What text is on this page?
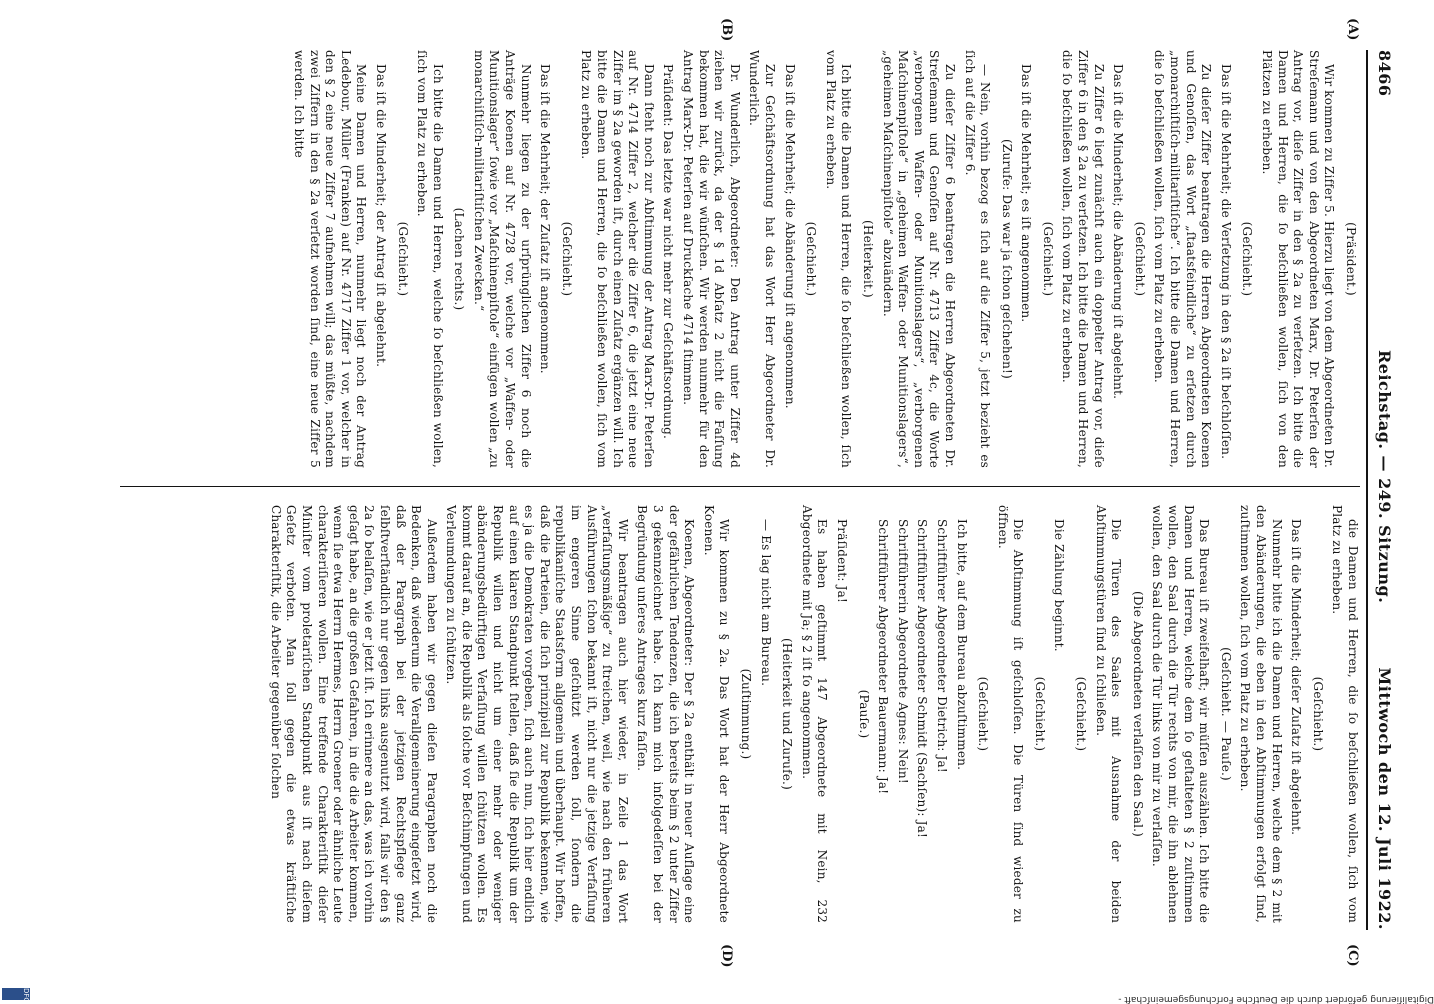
8466
Reichstag. — 249. Sitzung.
Mittwoch den 12. Juli 1922.
(A)
(B)
(C)
(D)

(Präsident.)

Wir kommen zu Ziffer 5. Hierzu liegt von dem Abgeordneten Dr. Streſemann und von den Abgeordneten Marx, Dr. Peterſen der Antrag vor, dieſe Ziffer in den § 2a zu verſetzen. Ich bitte die Damen und Herren, die ſo beſchließen wollen, ſich von den Plätzen zu erheben.

(Geſchieht.)

Das iſt die Mehrheit; die Verſetzung in den § 2a iſt beſchloſſen.

Zu dieſer Ziffer beantragen die Herren Abgeordneten Koenen und Genoſſen, das Wort „ſtaatsfeindliche“ zu erſetzen durch „monarchiſtiſch-militariſtiſche“. Ich bitte die Damen und Herren, die ſo beſchließen wollen, ſich vom Platz zu erheben.

(Geſchieht.)

Das iſt die Minderheit; die Abänderung iſt abgelehnt.

Zu Ziffer 6 liegt zunächſt auch ein doppelter Antrag vor, dieſe Ziffer 6 in den § 2a zu verſetzen. Ich bitte die Damen und Herren, die ſo beſchließen wollen, ſich vom Platz zu erheben.

(Geſchieht.)

Das iſt die Mehrheit; es iſt angenommen.

(Zurufe: Das war ja ſchon geſchehen!)

— Nein, vorhin bezog es ſich auf die Ziffer 5, jetzt bezieht es ſich auf die Ziffer 6.

Zu dieſer Ziffer 6 beantragen die Herren Abgeordneten Dr. Streſemann und Genoſſen auf Nr. 4713 Ziffer 4c, die Worte „verborgenen Waffen- oder Munitionslagers“, „verborgenen Maſchinenpiſtole“ in „geheimen Waffen- oder Munitionslagers“, „geheimen Maſchinenpiſtole“ abzuändern.

(Heiterkeit.)

Ich bitte die Damen und Herren, die ſo beſchließen wollen, ſich vom Platz zu erheben.

(Geſchieht.)

Das iſt die Mehrheit; die Abänderung iſt angenommen.

Zur Geſchäftsordnung hat das Wort Herr Abgeordneter Dr. Wunderlich.

Dr. Wunderlich, Abgeordneter: Den Antrag unter Ziffer 4d ziehen wir zurück, da der § 1d Abſatz 2 nicht die Faſſung bekommen hat, die wir wünſchen. Wir werden nunmehr für den Antrag Marx-Dr. Peterſen auf Druckſache 4714 ſtimmen.

Präſident: Das letzte war nicht mehr zur Geſchäftsordnung.

Dann ſteht noch zur Abſtimmung der Antrag Marx-Dr. Peterſen auf Nr. 4714 Ziffer 2, welcher die Ziffer 6, die jetzt eine neue Ziffer im § 2a geworden iſt, durch einen Zuſatz ergänzen will. Ich bitte die Damen und Herren, die ſo beſchließen wollen, ſich vom Platz zu erheben.

(Geſchieht.)

Das iſt die Mehrheit; der Zuſatz iſt angenommen.

Nunmehr liegen zu der urſprünglichen Ziffer 6 noch die Anträge Koenen auf Nr. 4728 vor, welche vor „Waffen- oder Munitionslager“ ſowie vor „Maſchinenpiſtole“ einfügen wollen „zu monarchiſtiſch-militariſtiſchen Zwecken.“

(Lachen rechts.)

Ich bitte die Damen und Herren, welche ſo beſchließen wollen, ſich vom Platz zu erheben.

(Geſchieht.)

Das iſt die Minderheit; der Antrag iſt abgelehnt.

Meine Damen und Herren, nunmehr liegt noch der Antrag Ledebour, Müller (Franken) auf Nr. 4717 Ziffer 1 vor, welcher in den § 2 eine neue Ziffer 7 aufnehmen will; das müßte, nachdem zwei Ziffern in den § 2a verſetzt worden ſind, eine neue Ziffer 5 werden. Ich bitte

die Damen und Herren, die ſo beſchließen wollen, ſich vom Platz zu erheben.

(Geſchieht.)

Das iſt die Minderheit; dieſer Zuſatz iſt abgelehnt.

Nunmehr bitte ich die Damen und Herren, welche dem § 2 mit den Abänderungen, die eben in den Abſtimmungen erfolgt ſind, zuſtimmen wollen, ſich vom Platz zu erheben.

(Geſchieht. — Pauſe.)

Das Bureau iſt zweifelhaft; wir müſſen auszählen. Ich bitte die Damen und Herren, welche dem ſo geſtalteten § 2 zuſtimmen wollen, den Saal durch die Tür rechts von mir, die ihn ablehnen wollen, den Saal durch die Tür links von mir zu verlaſſen.

(Die Abgeordneten verlaſſen den Saal.)

Die Türen des Saales mit Ausnahme der beiden Abſtimmungstüren ſind zu ſchließen.

(Geſchieht.)

Die Zählung beginnt.

(Geſchieht.)

Die Abſtimmung iſt geſchloſſen. Die Türen ſind wieder zu öffnen.

(Geſchieht.)

Ich bitte, auf dem Bureau abzuſtimmen.

Schriftführer Abgeordneter Dietrich: Ja!

Schriftführer Abgeordneter Schmidt (Sachſen): Ja!

Schriftführerin Abgeordnete Agnes: Nein!

Schriftführer Abgeordneter Bauermann: Ja!

(Pauſe.)

Präſident: Ja!

Es haben geſtimmt 147 Abgeordnete mit Nein, 232 Abgeordnete mit Ja; § 2 iſt ſo angenommen.

(Heiterkeit und Zurufe.)

— Es lag nicht am Bureau.

(Zuſtimmung.)

Wir kommen zu § 2a. Das Wort hat der Herr Abgeordnete Koenen.

Koenen, Abgeordneter: Der § 2a enthält in neuer Auflage eine der gefährlichen Tendenzen, die ich bereits beim § 2 unter Ziffer 3 gekennzeichnet habe. Ich kann mich infolgedeſſen bei der Begründung unſeres Antrages kurz faſſen.

Wir beantragen auch hier wieder, in Zeile 1 das Wort „verfaſſungsmäßige“ zu ſtreichen, weil, wie nach den früheren Ausführungen ſchon bekannt iſt, nicht nur die jetzige Verfaſſung im engeren Sinne geſchützt werden ſoll, ſondern die republikaniſche Staatsform allgemein und überhaupt. Wir hoffen, daß die Parteien, die ſich prinzipiell zur Republik bekennen, wie es ja die Demokraten vorgeben, ſich auch nun, ſich hier endlich auf einen klaren Standpunkt ſtellen, daß ſie die Republik um der Republik willen und nicht um einer mehr oder weniger abänderungsbedürftigen Verfaſſung willen ſchützen wollen. Es kommt darauf an, die Republik als ſolche vor Beſchimpfungen und Verleumdungen zu ſchützen.

Außerdem haben wir gegen dieſen Paragraphen noch die Bedenken, daß wiederum die Verallgemeinerung eingeſetzt wird, daß der Paragraph bei der jetzigen Rechtspflege ganz ſelbſtverſtändlich nur gegen links ausgenutzt wird, falls wir den § 2a ſo belaſſen, wie er jetzt iſt. Ich erinnere an das, was ich vorhin geſagt habe, an die großen Gefahren, in die die Arbeiter kommen, wenn ſie etwa Herrn Hermes, Herrn Groener oder ähnliche Leute charakteriſieren wollen. Eine treffende Charakteriſtik dieſer Miniſter vom proletariſchen Standpunkt aus iſt nach dieſem Geſetz verboten. Man ſoll gegen die etwas kräftiſche Charakteriſtik, die Arbeiter gegenüber ſolchen

Digitaliſierung gefördert durch die Deutſche Forſchungsgemeinſchaft -
DFG
